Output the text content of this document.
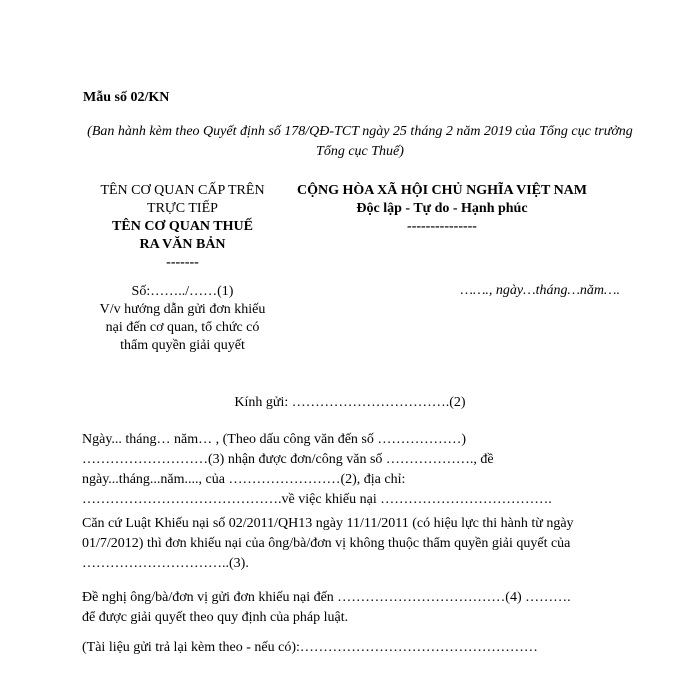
Mẫu số 02/KN
(Ban hành kèm theo Quyết định số 178/QĐ-TCT ngày 25 tháng 2 năm 2019 của Tổng cục trưởng Tổng cục Thuế)
TÊN CƠ QUAN CẤP TRÊN
TRỰC TIẾP
TÊN CƠ QUAN THUẾ
RA VĂN BẢN
-------
CỘNG HÒA XÃ HỘI CHỦ NGHĨA VIỆT NAM
Độc lập - Tự do - Hạnh phúc
---------------
Số:……../……(1)
V/v hướng dẫn gửi đơn khiếu
nại đến cơ quan, tổ chức có
thẩm quyền giải quyết
……., ngày…tháng…năm….
Kính gửi: …………………………….(2)
Ngày... tháng… năm… , (Theo dấu công văn đến số ………………)
………………………(3) nhận được đơn/công văn số ………………., đề
ngày...tháng...năm...., của ……………………(2), địa chỉ:
…………………………………….về việc khiếu nại ……………………………….
Căn cứ Luật Khiếu nại số 02/2011/QH13 ngày 11/11/2011 (có hiệu lực thi hành từ ngày
01/7/2012) thì đơn khiếu nại của ông/bà/đơn vị không thuộc thẩm quyền giải quyết của
…………………………..(3).
Đề nghị ông/bà/đơn vị gửi đơn khiếu nại đến ………………………………(4) ……….
để được giải quyết theo quy định của pháp luật.
(Tài liệu gửi trả lại kèm theo - nếu có):……………………………………………
